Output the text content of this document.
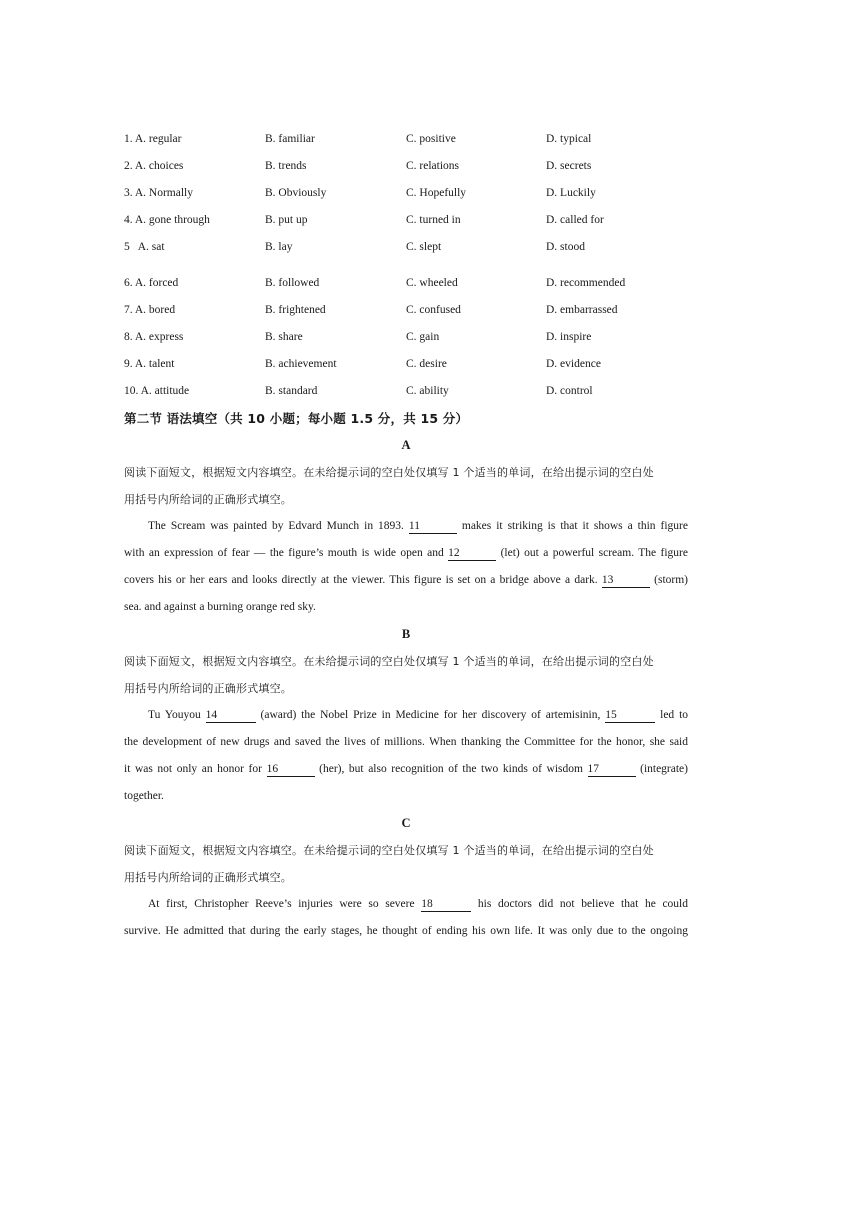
1. A. regular	B. familiar	C. positive	D. typical
2. A. choices	B. trends	C. relations	D. secrets
3. A. Normally	B. Obviously	C. Hopefully	D. Luckily
4. A. gone through	B. put up	C. turned in	D. called for
5   A. sat	B. lay	C. slept	D. stood
6. A. forced	B. followed	C. wheeled	D. recommended
7. A. bored	B. frightened	C. confused	D. embarrassed
8. A. express	B. share	C. gain	D. inspire
9. A. talent	B. achievement	C. desire	D. evidence
10. A. attitude	B. standard	C. ability	D. control
第二节 语法填空（共 10 小题；每小题 1.5 分，共 15 分）
A
阅读下面短文，根据短文内容填空。在未给提示词的空白处仅填写 1 个适当的单词，在给出提示词的空白处
用括号内所给词的正确形式填空。
The Scream was painted by Edvard Munch in 1893. 11	makes it striking is that it shows a thin figure
with an expression of fear — the figure’s mouth is wide open and 12	(let) out a powerful scream. The figure
covers his or her ears and looks directly at the viewer. This figure is set on a bridge above a dark. 13	(storm)
sea. and against a burning orange red sky.
B
阅读下面短文，根据短文内容填空。在未给提示词的空白处仅填写 1 个适当的单词，在给出提示词的空白处
用括号内所给词的正确形式填空。
Tu Youyou 14	(award) the Nobel Prize in Medicine for her discovery of artemisinin, 15	led to
the development of new drugs and saved the lives of millions. When thanking the Committee for the honor, she said
it was not only an honor for 16	(her), but also recognition of the two kinds of wisdom 17	(integrate)
together.
C
阅读下面短文，根据短文内容填空。在未给提示词的空白处仅填写 1 个适当的单词，在给出提示词的空白处
用括号内所给词的正确形式填空。
At first, Christopher Reeve’s injuries were so severe 18	his doctors did not believe that he could
survive. He admitted that during the early stages, he thought of ending his own life. It was only due to the ongoing
